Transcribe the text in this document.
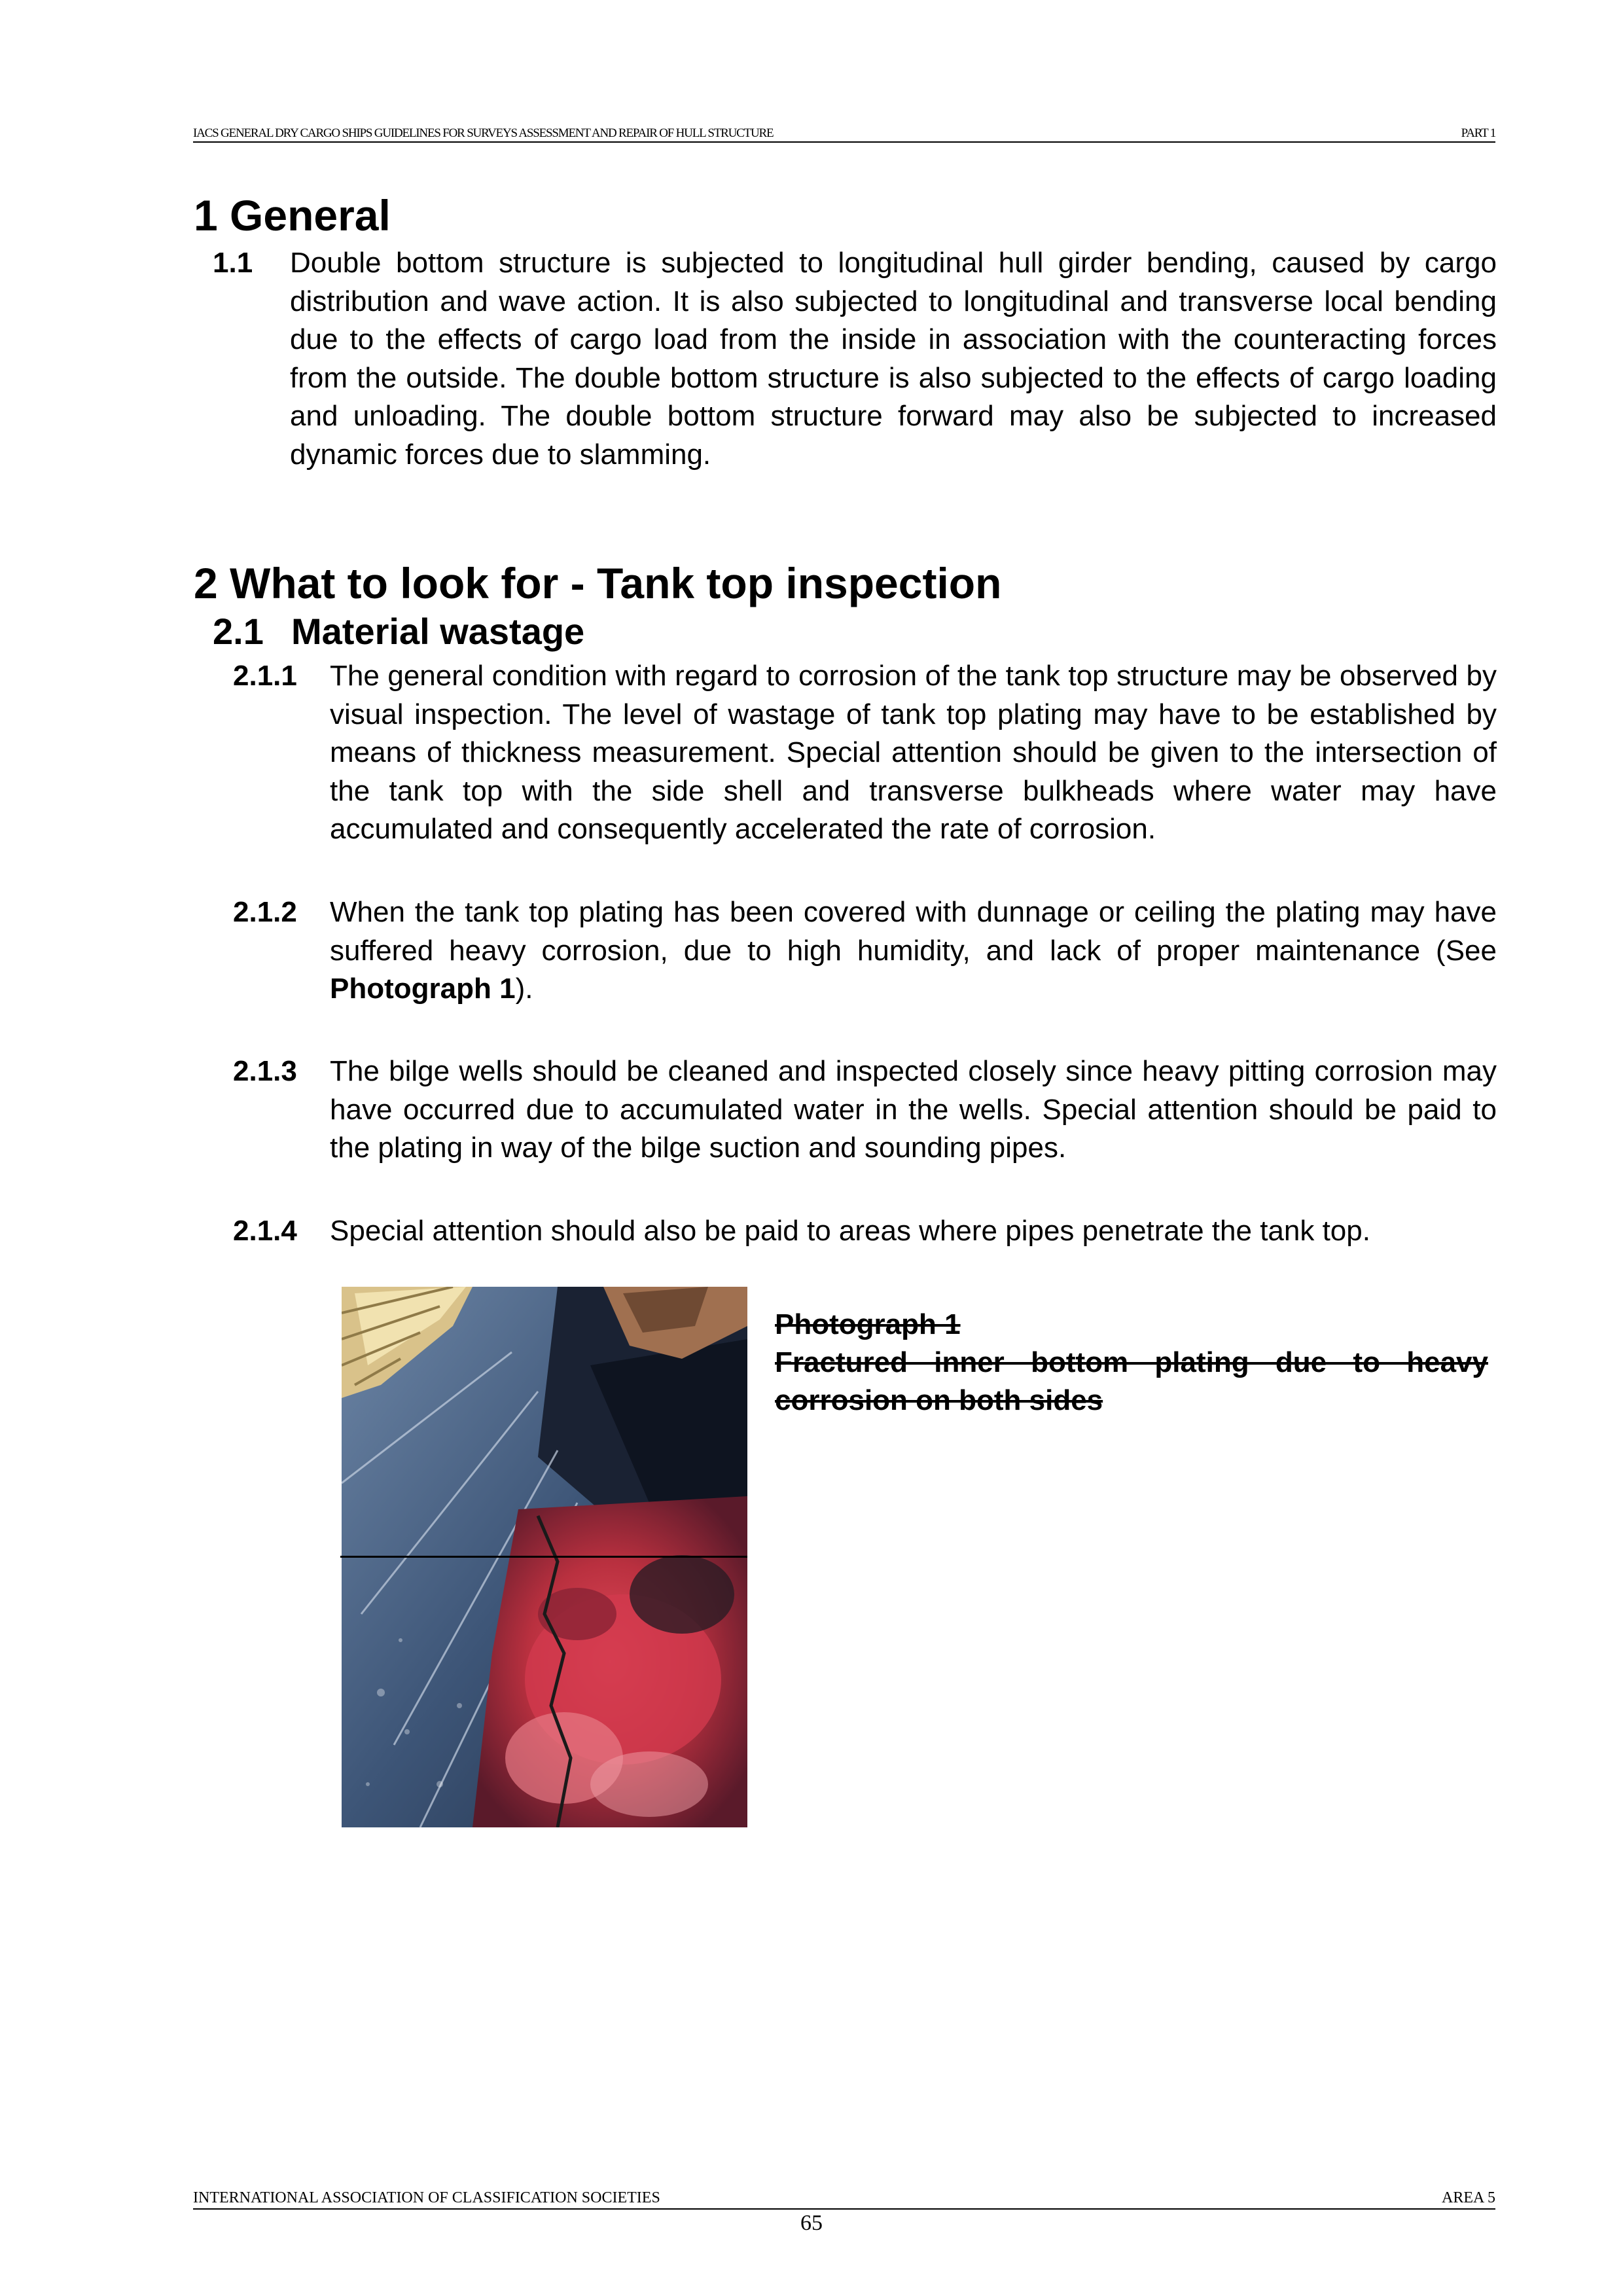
IACS GENERAL DRY CARGO SHIPS GUIDELINES FOR SURVEYS ASSESSMENT AND REPAIR OF HULL STRUCTURE	PART 1
1 General
1.1 Double bottom structure is subjected to longitudinal hull girder bending, caused by cargo distribution and wave action. It is also subjected to longitudinal and transverse local bending due to the effects of cargo load from the inside in association with the counteracting forces from the outside. The double bottom structure is also subjected to the effects of cargo loading and unloading. The double bottom structure forward may also be subjected to increased dynamic forces due to slamming.
2 What to look for - Tank top inspection
2.1 Material wastage
2.1.1 The general condition with regard to corrosion of the tank top structure may be observed by visual inspection. The level of wastage of tank top plating may have to be established by means of thickness measurement. Special attention should be given to the intersection of the tank top with the side shell and transverse bulkheads where water may have accumulated and consequently accelerated the rate of corrosion.
2.1.2 When the tank top plating has been covered with dunnage or ceiling the plating may have suffered heavy corrosion, due to high humidity, and lack of proper maintenance (See Photograph 1).
2.1.3 The bilge wells should be cleaned and inspected closely since heavy pitting corrosion may have occurred due to accumulated water in the wells. Special attention should be paid to the plating in way of the bilge suction and sounding pipes.
2.1.4 Special attention should also be paid to areas where pipes penetrate the tank top.
Photograph 1
Fractured inner bottom plating due to heavy corrosion on both sides
INTERNATIONAL ASSOCIATION OF CLASSIFICATION SOCIETIES	AREA 5
65
